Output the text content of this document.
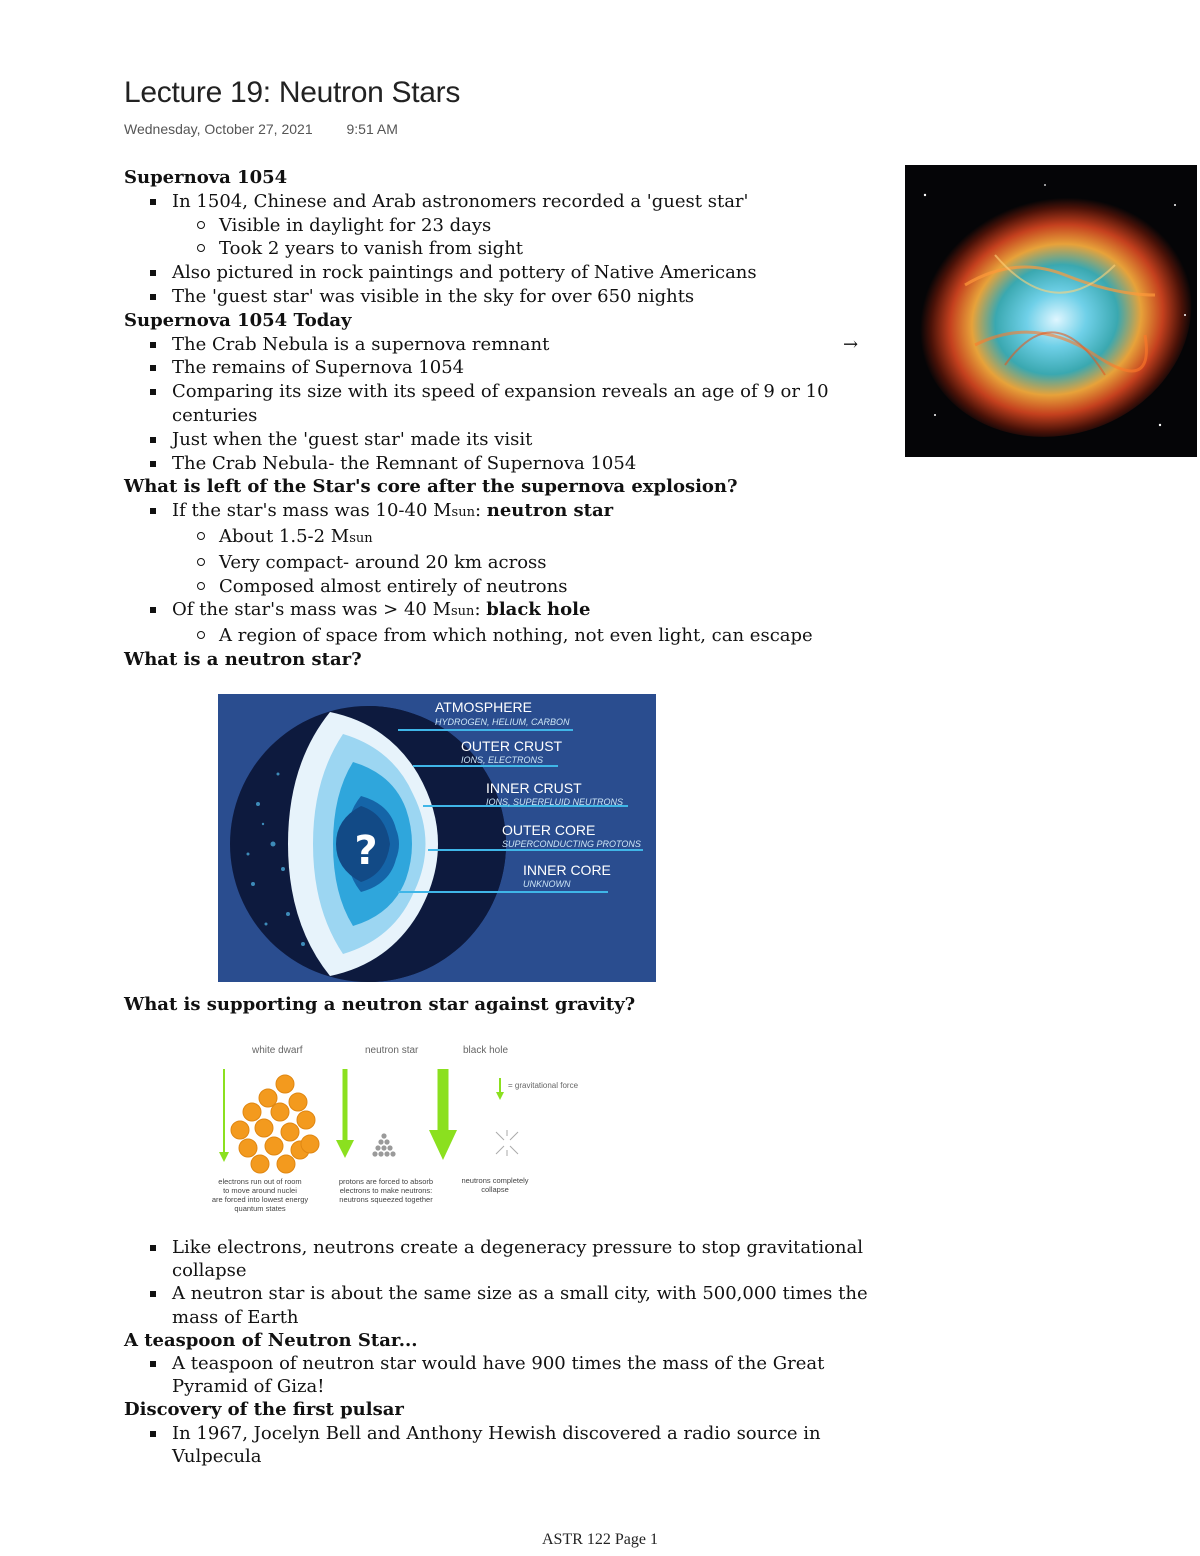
Lecture 19: Neutron Stars
Wednesday, October 27, 2021 9:51 AM
Supernova 1054
In 1504, Chinese and Arab astronomers recorded a 'guest star'
Visible in daylight for 23 days
Took 2 years to vanish from sight
Also pictured in rock paintings and pottery of Native Americans
The 'guest star' was visible in the sky for over 650 nights
Supernova 1054 Today
The Crab Nebula is a supernova remnant	→
The remains of Supernova 1054
Comparing its size with its speed of expansion reveals an age of 9 or 10 centuries
Just when the 'guest star' made its visit
The Crab Nebula- the Remnant of Supernova 1054
What is left of the Star's core after the supernova explosion?
If the star's mass was 10-40 Msun: neutron star
About 1.5-2 Msun
Very compact- around 20 km across
Composed almost entirely of neutrons
Of the star's mass was > 40 Msun: black hole
A region of space from which nothing, not even light, can escape
What is a neutron star?
?
ATMOSPHERE
HYDROGEN, HELIUM, CARBON
OUTER CRUST
IONS, ELECTRONS
INNER CRUST
IONS, SUPERFLUID NEUTRONS
OUTER CORE
SUPERCONDUCTING PROTONS
INNER CORE
UNKNOWN
What is supporting a neutron star against gravity?
white dwarf	neutron star	black hole
= gravitational force
electrons run out of room
to move around nuclei
are forced into lowest energy
quantum states
protons are forced to absorb
electrons to make neutrons:
neutrons squeezed together
neutrons completely
collapse
Like electrons, neutrons create a degeneracy pressure to stop gravitational collapse
A neutron star is about the same size as a small city, with 500,000 times the mass of Earth
A teaspoon of Neutron Star...
A teaspoon of neutron star would have 900 times the mass of the Great Pyramid of Giza!
Discovery of the first pulsar
In 1967, Jocelyn Bell and Anthony Hewish discovered a radio source in Vulpecula
ASTR 122 Page 1
